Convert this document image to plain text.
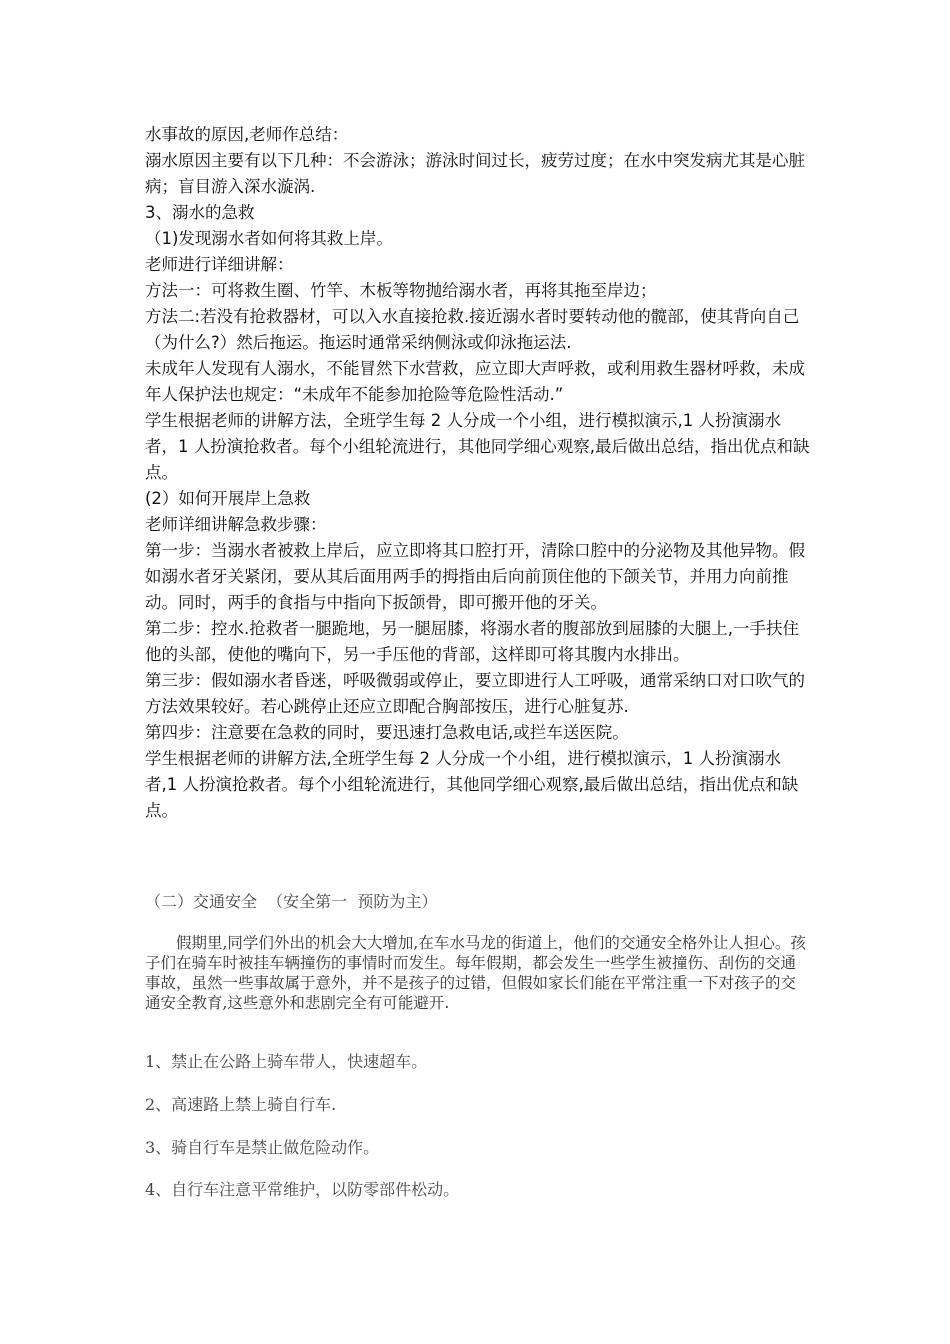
水事故的原因,老师作总结：

溺水原因主要有以下几种：不会游泳；游泳时间过长，疲劳过度；在水中突发病尤其是心脏病；盲目游入深水漩涡.

3、溺水的急救

（1)发现溺水者如何将其救上岸。

老师进行详细讲解：

方法一：可将救生圈、竹竿、木板等物抛给溺水者，再将其拖至岸边；

方法二:若没有抢救器材，可以入水直接抢救.接近溺水者时要转动他的髋部，使其背向自己（为什么?）然后拖运。拖运时通常采纳侧泳或仰泳拖运法.

未成年人发现有人溺水，不能冒然下水营救，应立即大声呼救，或利用救生器材呼救，未成年人保护法也规定：“未成年不能参加抢险等危险性活动.”

学生根据老师的讲解方法，全班学生每 2 人分成一个小组，进行模拟演示,1 人扮演溺水者，1 人扮演抢救者。每个小组轮流进行，其他同学细心观察,最后做出总结，指出优点和缺点。

(2）如何开展岸上急救

老师详细讲解急救步骤：

第一步：当溺水者被救上岸后，应立即将其口腔打开，清除口腔中的分泌物及其他异物。假如溺水者牙关紧闭，要从其后面用两手的拇指由后向前顶住他的下颌关节，并用力向前推动。同时，两手的食指与中指向下扳颌骨，即可搬开他的牙关。

第二步：控水.抢救者一腿跪地，另一腿屈膝，将溺水者的腹部放到屈膝的大腿上,一手扶住他的头部，使他的嘴向下，另一手压他的背部，这样即可将其腹内水排出。

第三步：假如溺水者昏迷，呼吸微弱或停止，要立即进行人工呼吸，通常采纳口对口吹气的方法效果较好。若心跳停止还应立即配合胸部按压，进行心脏复苏.

第四步：注意要在急救的同时，要迅速打急救电话,或拦车送医院。

学生根据老师的讲解方法,全班学生每 2 人分成一个小组，进行模拟演示，1 人扮演溺水者,1 人扮演抢救者。每个小组轮流进行，其他同学细心观察,最后做出总结，指出优点和缺点。

（二）交通安全  （安全第一  预防为主）

假期里,同学们外出的机会大大增加,在车水马龙的街道上，他们的交通安全格外让人担心。孩子们在骑车时被挂车辆撞伤的事情时而发生。每年假期，都会发生一些学生被撞伤、刮伤的交通事故，虽然一些事故属于意外，并不是孩子的过错，但假如家长们能在平常注重一下对孩子的交通安全教育,这些意外和悲剧完全有可能避开.

1、禁止在公路上骑车带人，快速超车。

2、高速路上禁上骑自行车.

3、骑自行车是禁止做危险动作。

4、自行车注意平常维护，以防零部件松动。
